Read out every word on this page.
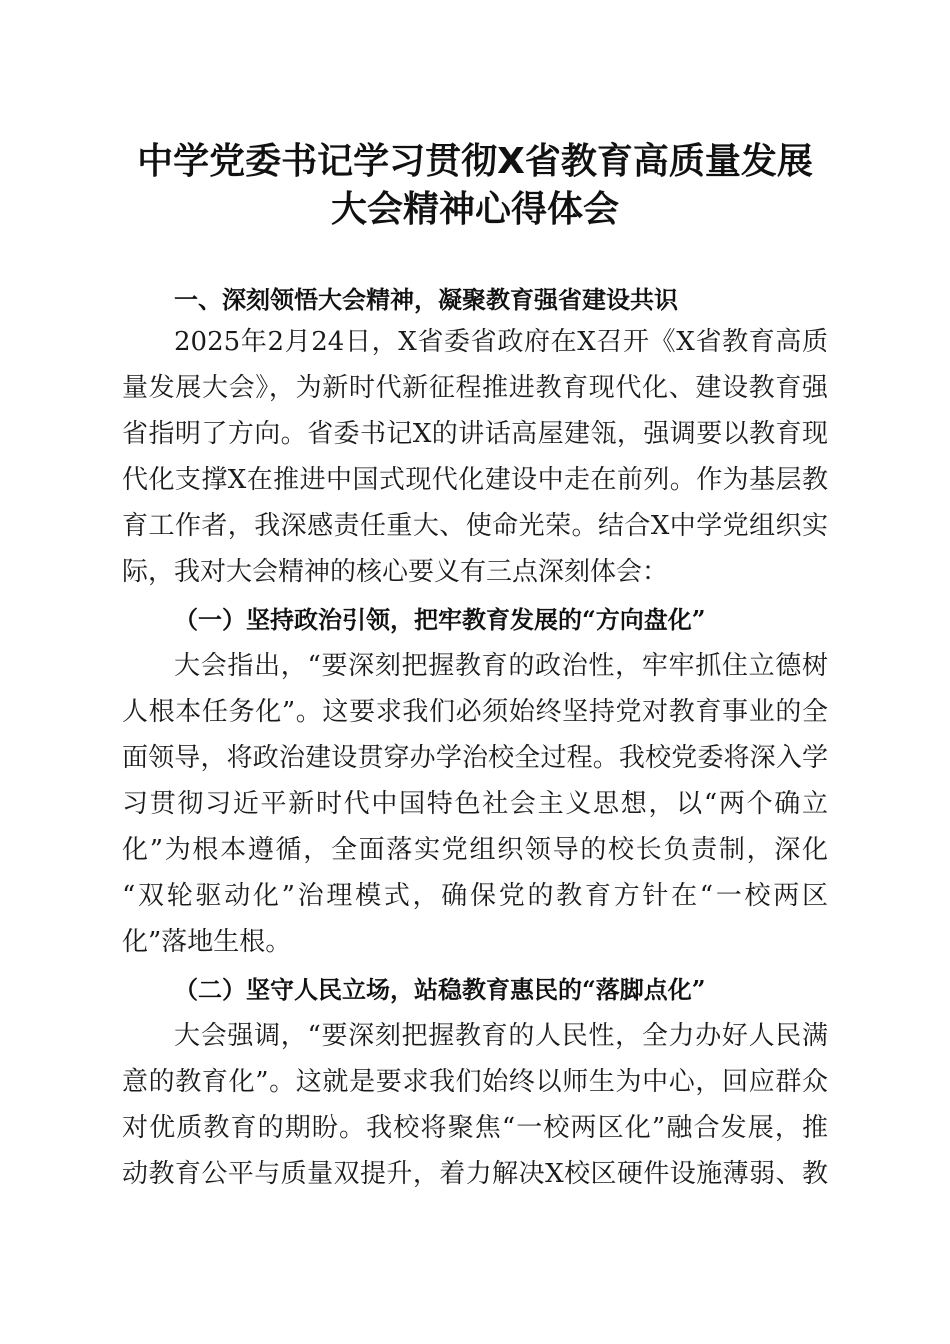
中学党委书记学习贯彻X省教育高质量发展
大会精神心得体会
一、深刻领悟大会精神，凝聚教育强省建设共识
2025年2月24日，X省委省政府在X召开《X省教育高质
量发展大会》，为新时代新征程推进教育现代化、建设教育强
省指明了方向。省委书记X的讲话高屋建瓴，强调要以教育现
代化支撑X在推进中国式现代化建设中走在前列。作为基层教
育工作者，我深感责任重大、使命光荣。结合X中学党组织实
际，我对大会精神的核心要义有三点深刻体会：
（一）坚持政治引领，把牢教育发展的“方向盘化”
大会指出，“要深刻把握教育的政治性，牢牢抓住立德树
人根本任务化”。这要求我们必须始终坚持党对教育事业的全
面领导，将政治建设贯穿办学治校全过程。我校党委将深入学
习贯彻习近平新时代中国特色社会主义思想，以“两个确立
化”为根本遵循，全面落实党组织领导的校长负责制，深化
“双轮驱动化”治理模式，确保党的教育方针在“一校两区
化”落地生根。
（二）坚守人民立场，站稳教育惠民的“落脚点化”
大会强调，“要深刻把握教育的人民性，全力办好人民满
意的教育化”。这就是要求我们始终以师生为中心，回应群众
对优质教育的期盼。我校将聚焦“一校两区化”融合发展，推
动教育公平与质量双提升，着力解决X校区硬件设施薄弱、教
